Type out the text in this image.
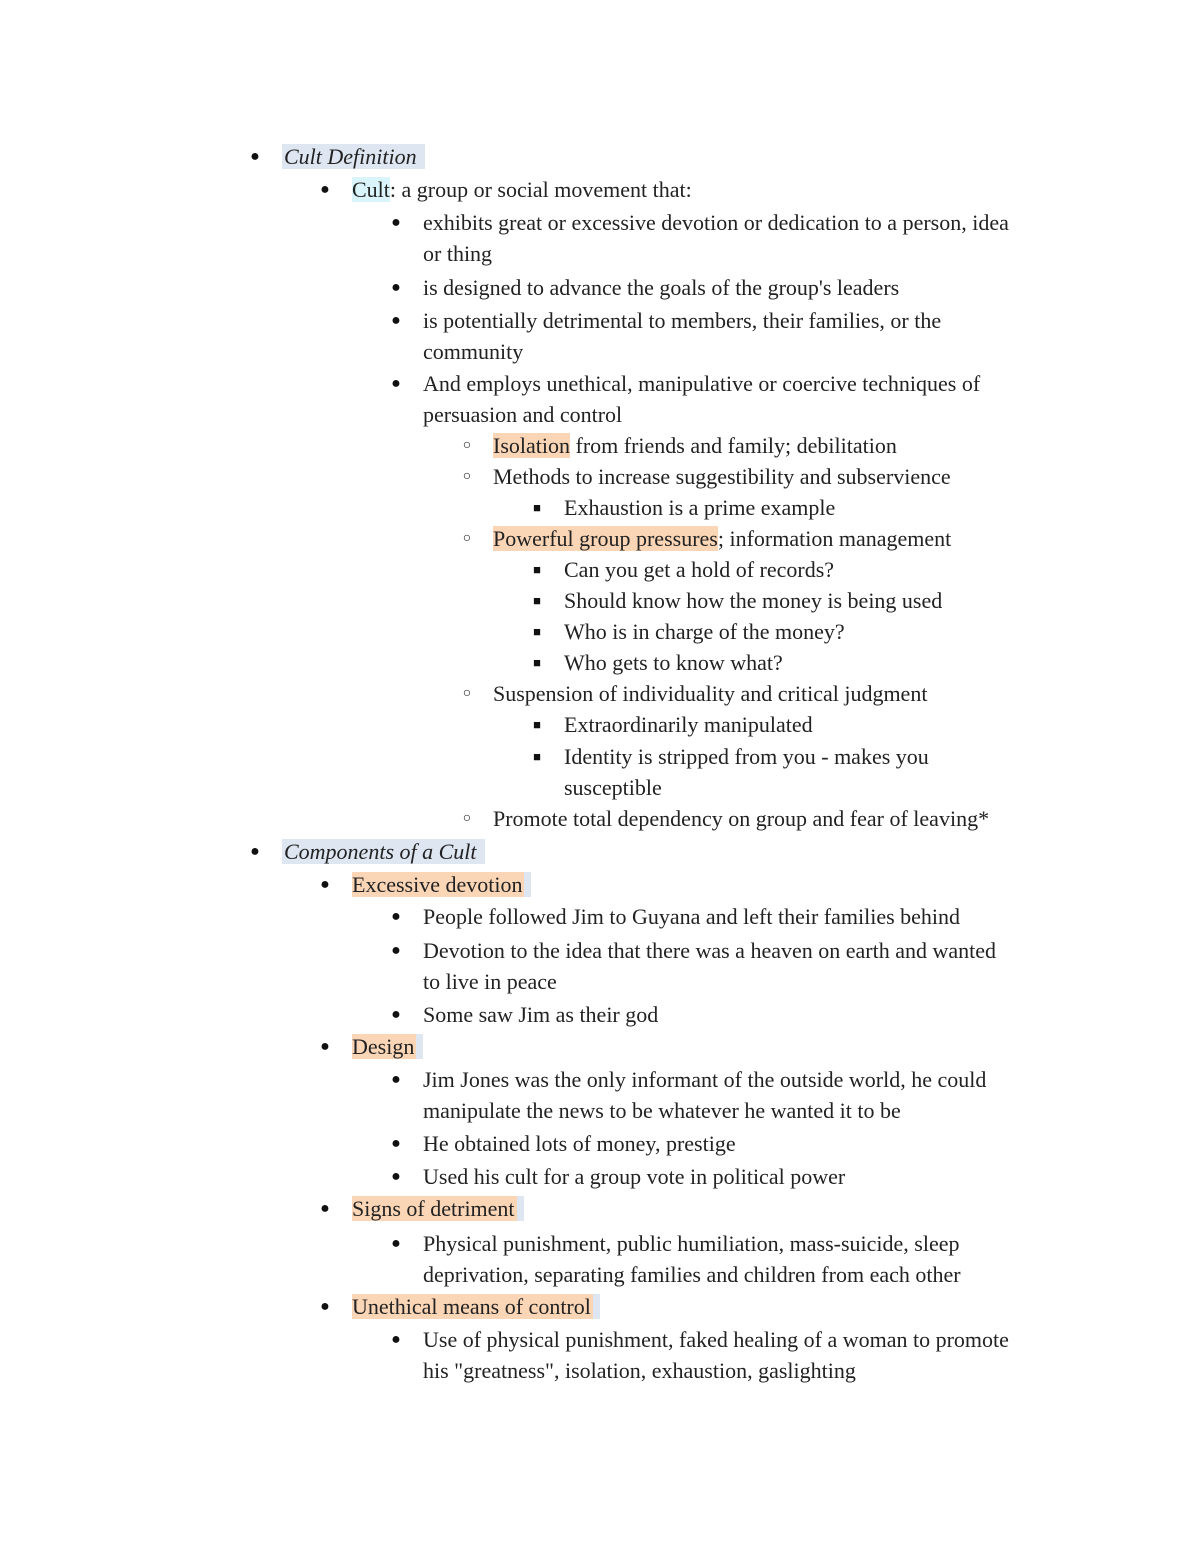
● Cult Definition
● Cult: a group or social movement that:
● exhibits great or excessive devotion or dedication to a person, idea
or thing
● is designed to advance the goals of the group's leaders
● is potentially detrimental to members, their families, or the
community
● And employs unethical, manipulative or coercive techniques of
persuasion and control
○ Isolation from friends and family; debilitation
○ Methods to increase suggestibility and subservience
■ Exhaustion is a prime example
○ Powerful group pressures; information management
■ Can you get a hold of records?
■ Should know how the money is being used
■ Who is in charge of the money?
■ Who gets to know what?
○ Suspension of individuality and critical judgment
■ Extraordinarily manipulated
■ Identity is stripped from you - makes you
susceptible
○ Promote total dependency on group and fear of leaving*
● Components of a Cult
● Excessive devotion
● People followed Jim to Guyana and left their families behind
● Devotion to the idea that there was a heaven on earth and wanted
to live in peace
● Some saw Jim as their god
● Design
● Jim Jones was the only informant of the outside world, he could
manipulate the news to be whatever he wanted it to be
● He obtained lots of money, prestige
● Used his cult for a group vote in political power
● Signs of detriment
● Physical punishment, public humiliation, mass-suicide, sleep
deprivation, separating families and children from each other
● Unethical means of control
● Use of physical punishment, faked healing of a woman to promote
his "greatness", isolation, exhaustion, gaslighting
